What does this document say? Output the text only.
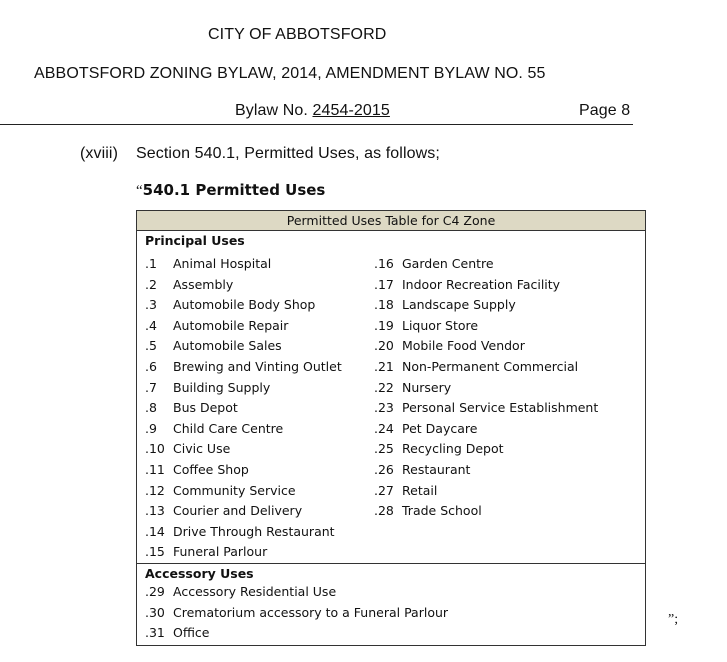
CITY OF ABBOTSFORD
ABBOTSFORD ZONING BYLAW, 2014, AMENDMENT BYLAW NO. 55
Bylaw No. 2454-2015	Page 8
(xviii) Section 540.1, Permitted Uses, as follows;
“540.1 Permitted Uses
Permitted Uses Table for C4 Zone
Principal Uses
.1 Animal Hospital
.2 Assembly
.3 Automobile Body Shop
.4 Automobile Repair
.5 Automobile Sales
.6 Brewing and Vinting Outlet
.7 Building Supply
.8 Bus Depot
.9 Child Care Centre
.10 Civic Use
.11 Coffee Shop
.12 Community Service
.13 Courier and Delivery
.14 Drive Through Restaurant
.15 Funeral Parlour
.16 Garden Centre
.17 Indoor Recreation Facility
.18 Landscape Supply
.19 Liquor Store
.20 Mobile Food Vendor
.21 Non-Permanent Commercial
.22 Nursery
.23 Personal Service Establishment
.24 Pet Daycare
.25 Recycling Depot
.26 Restaurant
.27 Retail
.28 Trade School
Accessory Uses
.29 Accessory Residential Use
.30 Crematorium accessory to a Funeral Parlour
.31 Office
”;
